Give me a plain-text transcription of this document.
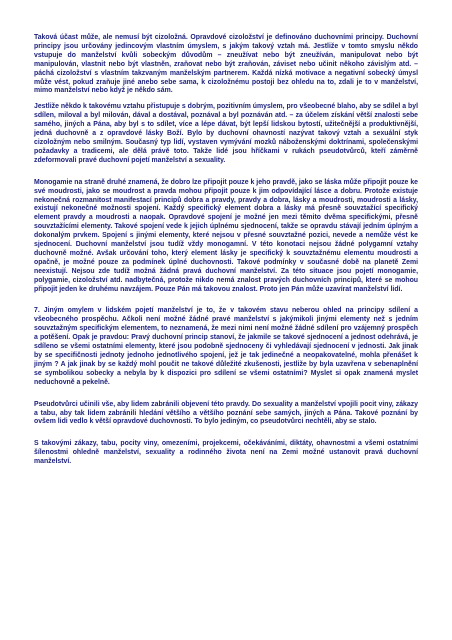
Taková účast může, ale nemusí být cizoložná. Opravdové cizoložství je definováno duchovními principy. Duchovní principy jsou určovány jedincovým vlastním úmyslem, s jakým takový vztah má. Jestliže v tomto smyslu někdo vstupuje do manželství kvůli sobeckým důvodům – zneužívat nebo být zneužíván, manipulovat nebo být manipulován, vlastnit nebo být vlastněn, zraňovat nebo být zraňován, záviset nebo učinit někoho závislým atd. – páchá cizoložství s vlastním takzvaným manželským partnerem. Každá nízká motivace a negativní sobecký úmysl může vést, pokud zraňuje jiné anebo sebe sama, k cizoložnému postoji bez ohledu na to, zdali je to v manželství, mimo manželství nebo když je někdo sám.

Jestliže někdo k takovému vztahu přistupuje s dobrým, pozitivním úmyslem, pro všeobecné blaho, aby se sdílel a byl sdílen, miloval a byl milován, dával a dostával, poznával a byl poznáván atd. – za účelem získání větší znalosti sebe samého, jiných a Pána, aby byl s to sdílet, více a lépe dávat, být lepší lidskou bytostí, užitečnější a produktivnější, jedná duchovně a z opravdové lásky Boží. Bylo by duchovní ohavností nazývat takový vztah a sexuální styk cizoložným nebo smilným. Současný typ lidí, vystaven vymývání mozků náboženskými doktrínami, společenskými požadavky a tradicemi, ale dělá právě toto. Takže lidé jsou hříčkami v rukách pseudotvůrců, kteří záměrně zdeformovali pravé duchovní pojetí manželství a sexuality.

Monogamie na straně druhé znamená, že dobro lze připojit pouze k jeho pravdě, jako se láska může připojit pouze ke své moudrosti, jako se moudrost a pravda mohou připojit pouze k jim odpovídající lásce a dobru. Protože existuje nekonečná rozmanitost manifestací principů dobra a pravdy, pravdy a dobra, lásky a moudrosti, moudrosti a lásky, existují nekonečné možnosti spojení. Každý specifický element dobra a lásky má přesně souvztažící specifický element pravdy a moudrosti a naopak. Opravdové spojení je možné jen mezi těmito dvěma specifickými, přesně souvztažícími elementy. Takové spojení vede k jejich úplnému sjednocení, takže se opravdu stávají jedním úplným a dokonalým prvkem. Spojení s jinými elementy, které nejsou v přesné souvztažné pozici, nevede a nemůže vést ke sjednocení. Duchovní manželství jsou tudíž vždy monogamní. V této konotaci nejsou žádné polygamní vztahy duchovně možné. Avšak určování toho, který element lásky je specifický k souvztažnému elementu moudrosti a opačně, je možné pouze za podmínek úplné duchovnosti. Takové podmínky v současné době na planetě Zemi neexistují. Nejsou zde tudíž možná žádná pravá duchovní manželství. Za této situace jsou pojetí monogamie, polygamie, cizoložství atd. nadbytečná, protože nikdo nemá znalost pravých duchovních principů, které se mohou připojit jeden ke druhému navzájem. Pouze Pán má takovou znalost. Proto jen Pán může uzavírat manželství lidí.

7. Jiným omylem v lidském pojetí manželství je to, že v takovém stavu neberou ohled na principy sdílení a všeobecného prospěchu. Ačkoli není možné žádné pravé manželství s jakýmikoli jinými elementy než s jedním souvztažným specifickým elementem, to neznamená, že mezi nimi není možné žádné sdílení pro vzájemný prospěch a potěšení. Opak je pravdou: Pravý duchovní princip stanoví, že jakmile se takové sjednocení a jednost odehrává, je sdíleno se všemi ostatními elementy, které jsou podobně sjednoceny či vyhledávají sjednocení v jednosti. Jak jinak by se specifičnosti jednoty jednoho jednotlivého spojení, jež je tak jedinečné a neopakovatelné, mohla přenášet k jiným ? A jak jinak by se každý mohl poučit ne takové důležité zkušenosti, jestliže by byla uzavřena v sebenaplnění se symbolikou sobecky a nebyla by k dispozici pro sdílení se všemi ostatními? Myslet si opak znamená myslet neduchovně a pekelně.

Pseudotvůrci učinili vše, aby lidem zabránili objevení této pravdy. Do sexuality a manželství vpojili pocit viny, zákazy a tabu, aby tak lidem zabránili hledání většího a většího poznání sebe samých, jiných a Pána. Takové poznání by ovšem lidi vedlo k větší opravdové duchovnosti. To bylo jediným, co pseudotvůrci nechtěli, aby se stalo.

S takovými zákazy, tabu, pocity viny, omezeními, projekcemi, očekáváními, diktáty, ohavnostmi a všemi ostatními šílenostmi ohledně manželství, sexuality a rodinného života není na Zemi možné ustanovit pravá duchovní manželství.
